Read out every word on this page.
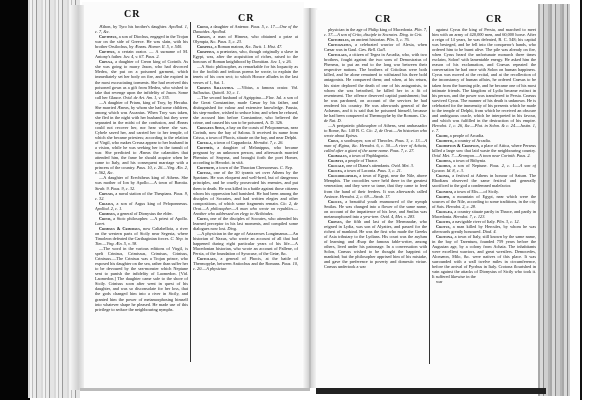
CR	CR	CR	CR

Æthon, by Tyro his brother's daughter. Apollod. 1, c. 7, &c.

Cretheus, a son of Diochus, engaged in the Trojan war on the side of Greece. He was slain, with his brother Orsilochus, by Æneas. Homer. Il. 5, v. 540.

Crethus, a certain orator. — A surname of M. Antony's father. Juv. 4, v. 67. Paus. 2.

Creusa, a daughter of Creon king of Corinth. As she was going to marry Jason, who had divorced Medea, she put on a poisoned garment, which immediately set her body on fire, and she expired in the most excruciating torments. She had received this poisoned gown as a gift from Medea, who wished to take that revenge upon the infidelity of Jason. Some call her Glauce. Ovid. de Art. Am. 1, v. 335.

—A daughter of Priam, king of Troy, by Hecuba. She married Æneas, by whom she had some children, among which was Ascanius. When Troy was taken, she fled in the night with her husband; but they were separated in the midst of the confusion, and Æneas could not recover her, nor hear where she was. Cybele saved her, and carried her to her temple, of which she became priestess; according to the relation of Virgil, who makes Creusa appear to her husband in a vision, while he was seeking her in the tumult of war. She predicted to Æneas the calamities that attended him, the fame he should acquire when he came to Italy, and his consequent marriage with a princess of the country. Paus. 10, c. 26.—Virg. Æn. 2, v. 562, &c.

—A daughter of Erechtheus king of Athens. She was mother of Ion by Apollo.—A town of Bœotia. Strab. 9. Paus. 9, c. 32.

Creusis, a naval station of the Thespians. Paus. 9, c. 32.

Criasus, a son of Argus king of Peloponnesus. Apollod. 2, c. 1.

Crimisus, a general of Dionysius the elder.

Crinis, a Stoic philosopher. —A priest of Apollo. Laert.

Crimisus & Crimissus, now Caltabellota, a river on the western parts of Sicily near Segesta, where Timoleon defeated the Carthaginian forces. C. Nep. in Tim.—Virg. Æn. 5, v. 38.

—The word in the various editions of Virgil, is spelt Crinisus, Crimissus, Crimisus, Crinisus, Crinissus.—The Crinisus was a Trojan prince, who exposed his daughter on the sea, rather than suffer her to be devoured by the sea-monster which Neptune sent to punish the infidelity of Laomedon. [Vid. Laomedon.] The daughter came safe to the shore of Sicily. Crinisus soon after went in quest of his daughter, and was so disconsolate for her loss, that the gods changed him into a river in Sicily, and granted him the power of metamorphosing himself into whatever shape he pleased. He made use of this privilege to seduce the neighbouring nymphs.

Crino, a daughter of Antenor. Paus. 5, c. 17.—One of the Danaides. Apollod.

Crison, a man of Himera, who obtained a prize at Olympia, &c. Paus. 5, c. 23.

Crispina, a Roman matron, &c. Tacit. 1. Hist. 47.

Crispinus, a prætorian, who, though originally a slave in Egypt, was, after the acquisition of riches, raised to the honours of Roman knighthood by Domitian. Juv. 1, v. 26.

—A Stoic philosopher, as remarkable for his loquacity as for the foolish and tedious poems he wrote, to explain the tenets of his own sect; to which Horace alludes in the last verses of 1, Sat. 1.

Crispus Sallustius. —Vibius, a famous orator. Vid. Sallustius. Quintil. 10, c. 1.

—The second husband of Agrippina.—Flav. Jul. a son of the Great Constantine, made Cæsar by his father, and distinguished for valour and extensive knowledge. Fausta, his step-mother, wished to seduce him; and when he refused, she accused him before Constantine, who believed the crime, and caused his son to be poisoned, A. D. 326.

Crissæus Sinus, a bay on the coasts of Peloponnesus, near Corinth, now the bay of Salona. It received its name from Crissa, a town of Phocis, situate on the bay, and near Delphi.

Critala, a town of Cappadocia. Herodot. 7, c. 26.

Critheïs, a daughter of Melanippus, who became pregnant by an unknown person, and afterwards married Phemius of Smyrna, and brought forth the poet Homer, according to Herodot. in vitâ.

Crithote, a town of the Thracian Chersonesus. C. Nep.

Critias, one of the 30 tyrants set over Athens by the Spartans. He was eloquent and well-bred, but of dangerous principles, and he cruelly prosecuted his enemies, and put them to death. He was killed in a battle against those citizens whom his oppression had banished. He had been among the disciples of Socrates, and had written elegies and other compositions, of which some fragments remain. Cic. 2, de Orat.—A philosopher.—A man who wrote on republics.—Another who addressed an elegy to Alcibiades.

Crito, one of the disciples of Socrates, who attended his learned preceptor in his last moments, and compiled some dialogues now lost. Diog.

—A physician in the age of Artaxerxes Longimanus.—An historian of Naxus, who wrote an account of all that had happened during eight particular years of his life.—A Macedonian historian, who wrote an account of Pallene, of Persia, of the foundation of Syracuse, of the Getæ, &c.

Critolaus, a general of Phocis, at the battle of Thermopylæ, between Antiochus and the Romans. Paus. 10, c. 20.—A physician

physician in the age of Philip king of Macedonia. Plin. 7, c. 37.—A son of Crito, disciple to Socrates. Diog. in Crit.

Critobulus, an ancient historian. Plin. 5, c. 76.

Critognatus, a celebrated warrior of Alesia, when Cæsar was in Gaul. Cæs. Bell. Gall.

Critolaus, a citizen of Tegea in Arcadia, who, with two brothers, fought against the two sons of Demostratus of Pheneus, to put an end to the long war between their respective nations. The brothers of Critolaus were both killed, and he alone remained to withstand his three bold antagonists. He conquered them; and when, at his return, his sister deplored the death of one of his antagonists, to whom she was betrothed, he killed her in a fit of resentment. The offence deserved capital punishment; but he was pardoned, on account of the services he had rendered his country. He was afterwards general of the Achæans, and it is said that he poisoned himself, because he had been conquered at Thermopylæ by the Romans. Cic. de Nat. D.

—A peripatetic philosopher of Athens, sent ambassador to Rome, &c. 140 B. C. Cic. 2, de Orat.—An historian who wrote about Epirus.

Crius, a soothsayer, son of Theocles. Paus. 3, c. 13.—A man of Ægina, &c. Herodot. 6, c. 50.—A river of Achaia, called after a giant of the same name. Paus. 7, c. 27.

Crobialus, a town of Paphlagonia.

Crobyzi, a people of Thrace.

Crocale, one of Diana's attendants. Ovid. Met. 3.

Crocea, a town of Laconia. Paus. 3, c. 21.

Crocodilopolis, a town of Egypt, near the Nile, above Memphis. The crocodiles were held there in the greatest veneration; and they were so tame, that they came to feed from the hand of their feeders. It was afterwards called Arsinoe. Herodot. 2, c. 69.—Strab. 17.

Crocus, a beautiful youth enamoured of the nymph Smilax. He was changed into a flower of the same name, on account of the impatience of his love, and Smilax was metamorphosed into a yew-tree. Ovid. 4, Met. v. 283.

Crœsus, the fifth and last of the Mermnadæ, who reigned in Lydia, was son of Alyattes, and passed for the richest of mankind. He was the first who made the Greeks of Asia tributary to the Lydians. His court was the asylum of learning; and Æsop the famous fable-writer, among others, lived under his patronage. In a conversation with Solon, Crœsus wished to be thought the happiest of mankind; but the philosopher apprised him of his mistake, and gave the preference to poverty and domestic virtue. Crœsus undertook a war

against Cyrus the king of Persia, and marched to meet him with an army of 420,000 men, and 60,000 horse. After a reign of 14 years, he was defeated, B. C. 548; his capital was besieged, and he fell into the conqueror's hands, who ordered him to be burnt alive. The pile was already on fire, when Cyrus heard the unfortunate monarch three times exclaim, Solon! with lamentable energy. He asked him the reason of his exclamation, and Crœsus repeated the conversation he had once with Solon on human happiness. Cyrus was moved at the recital, and at the recollection of the inconstancy of human affairs, he ordered Crœsus to be taken from the burning pile, and he became one of his most intimate friends. The kingdom of Lydia became extinct in his person, and the power was transferred to Persia. Crœsus survived Cyrus. The manner of his death is unknown. He is celebrated for the immensity of his presents which he made to the temple of Delphi, from which he received an obscure and ambiguous oracle, which he interpreted in his favour, and which was fulfilled in the destruction of his empire. Herodot. 1, c. 26, &c.—Plut. in Solon. & c. 24.—Justin. 1, c. 7.

Cromi, a people of Arcadia.

Cromitis, a country of Arcadia.

Crommyon & Cromyon, a place of Attica, where Perseus killed a large sow that laid waste the neighbouring country. Ovid. Met. 7.—Kromyon.—A town near Corinth. Paus. 2.

Cromna, a town of Bithynia.

Cromus, a son of Neptune. Paus. 2, c. 1.—A son of Lycaon. Id. 8, c. 3.

Cronia, a festival at Athens in honour of Saturn. The Rhodians observed the same festival and generally sacrificed to the god a condemned malefactor.

Cronium, a town of Elis.—of Sicily.

Crophi, a mountain of Egypt, near which were the sources of the Nile, according to some traditions, in the city of Sais. Herodot. 2, c. 28.

Crossæa, a country situate partly in Thrace, and partly in Macedonia. Herodot. 7, c. 123.

Crostis, a navigable river of Italy. Plin. 3, c. 12.

Crotus, a man killed by Hercules, by whom he was afterwards greatly honoured. Diod. 4.

Crotona, a town of Italy, still known by the same name, in the bay of Tarentum, founded 759 years before the Augustan age, by a colony from Achaia. The inhabitants were excellent warriors, and great wrestlers. Democedes, Alcmæon, Milo, &c. were natives of this place. It was surrounded with a wall twelve miles in circumference, before the arrival of Pyrrhus in Italy. Crotona flourished in vain against the attacks of Dionysius of Sicily who took it. It suffered likewise in the

war
